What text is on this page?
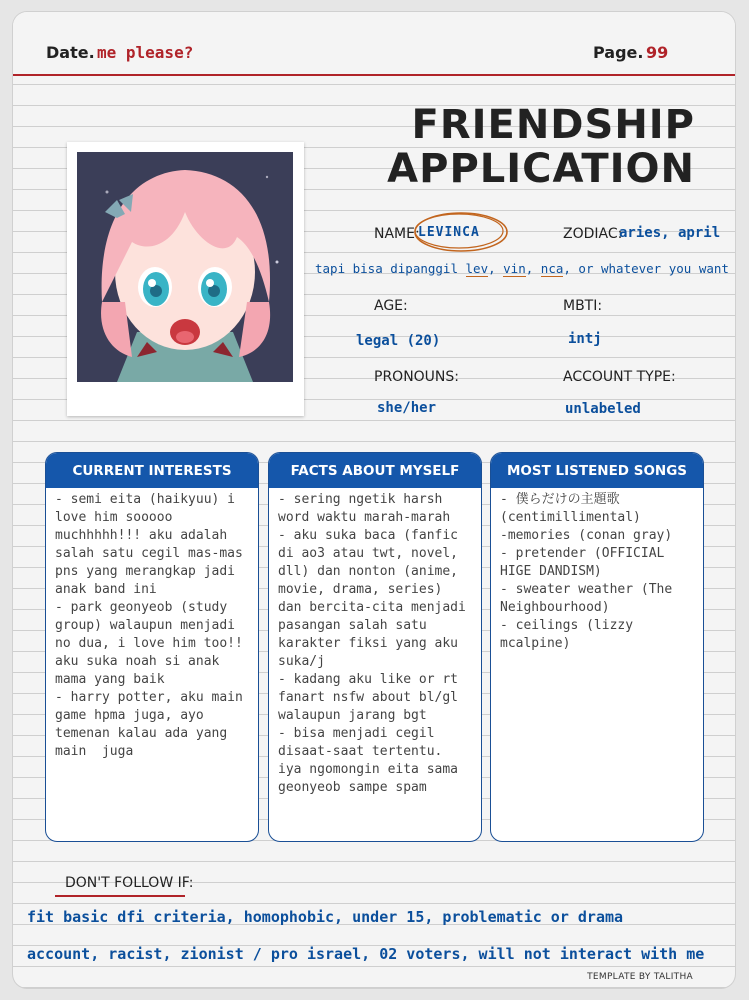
Date. me please?	Page. 99
FRIENDSHIP
APPLICATION
NAME:
LEVINCA	ZODIAC:
aries, april
tapi bisa dipanggil lev, vin, nca, or whatever you want
AGE:
legal (20)
MBTI:
intj
PRONOUNS:
she/her
ACCOUNT TYPE:
unlabeled
CURRENT INTERESTS
- semi eita (haikyuu) i love him sooooo muchhhhh!!! aku adalah salah satu cegil mas-mas pns yang merangkap jadi anak band ini
- park geonyeob (study group) walaupun menjadi no dua, i love him too!! aku suka noah si anak mama yang baik
- harry potter, aku main game hpma juga, ayo temenan kalau ada yang main  juga
FACTS ABOUT MYSELF
- sering ngetik harsh word waktu marah-marah
- aku suka baca (fanfic di ao3 atau twt, novel, dll) dan nonton (anime, movie, drama, series) dan bercita-cita menjadi pasangan salah satu karakter fiksi yang aku suka/j
- kadang aku like or rt fanart nsfw about bl/gl walaupun jarang bgt
- bisa menjadi cegil disaat-saat tertentu. iya ngomongin eita sama geonyeob sampe spam
MOST LISTENED SONGS
- 僕らだけの主題歌 (centimillimental)
-memories (conan gray)
- pretender (OFFICIAL HIGE DANDISM)
- sweater weather (The Neighbourhood)
- ceilings (lizzy mcalpine)
DON'T FOLLOW IF:
fit basic dfi criteria, homophobic, under 15, problematic or drama
account, racist, zionist / pro israel, 02 voters, will not interact with me
TEMPLATE BY TALITHA
